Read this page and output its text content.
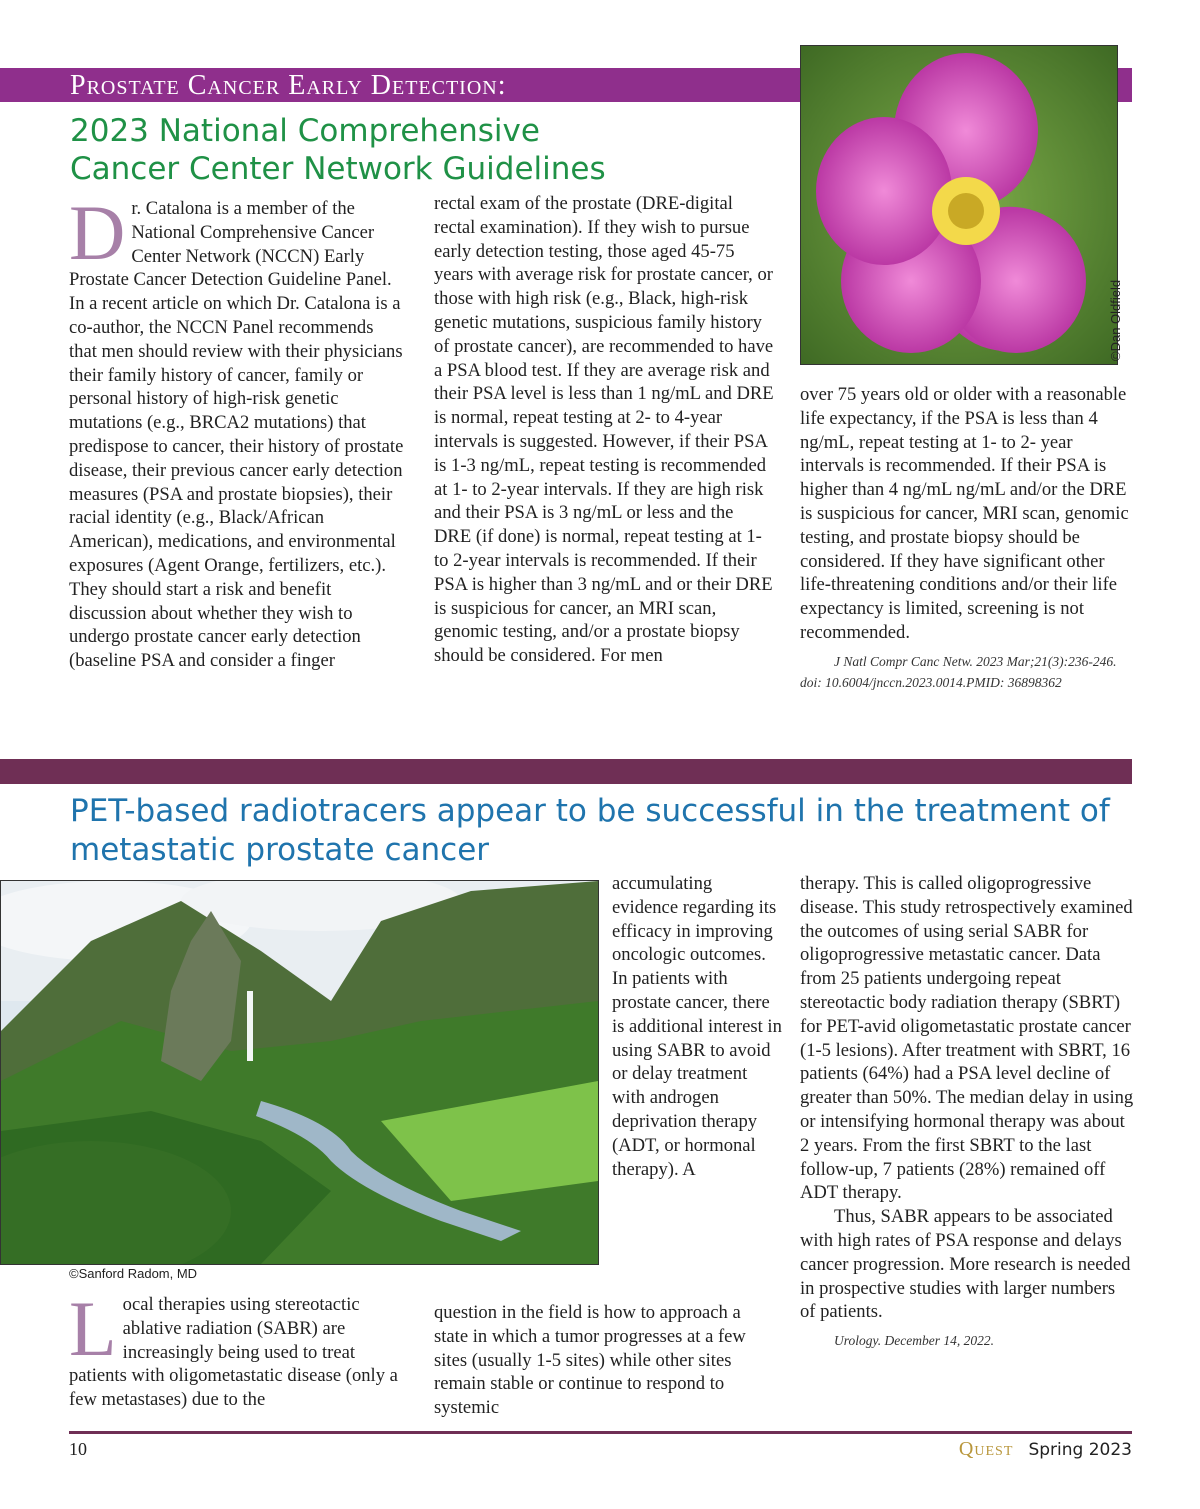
Prostate Cancer Early Detection:
2023 National Comprehensive
Cancer Center Network Guidelines
D r. Catalona is a member of the National Comprehensive Cancer Center Network (NCCN) Early Prostate Cancer Detection Guideline Panel. In a recent article on which Dr. Catalona is a co-author, the NCCN Panel recommends that men should review with their physicians their family history of cancer, family or personal history of high-risk genetic mutations (e.g., BRCA2 mutations) that predispose to cancer, their history of prostate disease, their previous cancer early detection measures (PSA and prostate biopsies), their racial identity (e.g., Black/African American), medications, and environmental exposures (Agent Orange, fertilizers, etc.). They should start a risk and benefit discussion about whether they wish to undergo prostate cancer early detection (baseline PSA and consider a finger
rectal exam of the prostate (DRE-digital rectal examination). If they wish to pursue early detection testing, those aged 45-75 years with average risk for prostate cancer, or those with high risk (e.g., Black, high-risk genetic mutations, suspicious family history of prostate cancer), are recommended to have a PSA blood test. If they are average risk and their PSA level is less than 1 ng/mL and DRE is normal, repeat testing at 2- to 4-year intervals is suggested. However, if their PSA is 1-3 ng/mL, repeat testing is recommended at 1- to 2-year intervals. If they are high risk and their PSA is 3 ng/mL or less and the DRE (if done) is normal, repeat testing at 1- to 2-year intervals is recommended. If their PSA is higher than 3 ng/mL and or their DRE is suspicious for cancer, an MRI scan, genomic testing, and/or a prostate biopsy should be considered. For men
©Dan Oldfield

over 75 years old or older with a reasonable life expectancy, if the PSA is less than 4 ng/mL, repeat testing at 1- to 2- year intervals is recommended. If their PSA is higher than 4 ng/mL ng/mL and/or the DRE is suspicious for cancer, MRI scan, genomic testing, and prostate biopsy should be considered. If they have significant other life-threatening conditions and/or their life expectancy is limited, screening is not recommended.

J Natl Compr Canc Netw. 2023 Mar;21(3):236-246. doi: 10.6004/jnccn.2023.0014.PMID: 36898362

PET-based radiotracers appear to be successful in the treatment of
metastatic prostate cancer
©Sanford Radom, MD
accumulating evidence regarding its efficacy in improving oncologic outcomes. In patients with prostate cancer, there is additional interest in using SABR to avoid or delay treatment with androgen deprivation therapy (ADT, or hormonal therapy). A
L ocal therapies using stereotactic ablative radiation (SABR) are increasingly being used to treat patients with oligometastatic disease (only a few metastases) due to the
question in the field is how to approach a state in which a tumor progresses at a few sites (usually 1-5 sites) while other sites remain stable or continue to respond to systemic

therapy. This is called oligoprogressive disease. This study retrospectively examined the outcomes of using serial SABR for oligoprogressive metastatic cancer. Data from 25 patients undergoing repeat stereotactic body radiation therapy (SBRT) for PET-avid oligometastatic prostate cancer (1-5 lesions). After treatment with SBRT, 16 patients (64%) had a PSA level decline of greater than 50%. The median delay in using or intensifying hormonal therapy was about 2 years. From the first SBRT to the last follow-up, 7 patients (28%) remained off ADT therapy.

Thus, SABR appears to be associated with high rates of PSA response and delays cancer progression. More research is needed in prospective studies with larger numbers of patients.

Urology. December 14, 2022.

10	Quest Spring 2023
